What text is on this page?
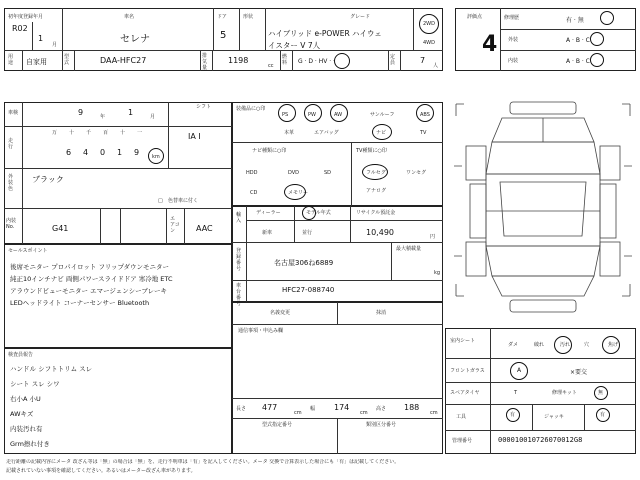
初年度登録年月
R02
1
月
車名
セレナ
ドア
5
形状	グレード
ハイブリッド e-POWER ハイウェ
イスター V 7人
2WD
4WD
用途	自家用
型式	DAA-HFC27	排気量
1198
cc
燃料	G · D · HV · ·
定員	7
人
評価点
4
修理歴	有 · 無
外装	A · B · C
内装	A · B · C
車検	9	年	1	月
シフト
IA I
万 十 千 百 十 一
走行
6 4 0 1 9	km
外装色
ブラック
色替車に付く
□
内装 No.	G41
エアコン	AAC
装備品に○印
PS	PW	AW	サンルーフ	ABS
本革	エアバッグ	ナビ	TV
ナビ種類に○印	TV種類に○印
HDD	DVD	SD
CD	メモリー
フルセグ	ワンセグ
アナログ
輸入
ディーラー
新車	並行
モデル年式	リサイクル預託金
10,490	円
登録番号
名古屋306ね6889
最大積載量
kg
車台番号
HFC27-088740
セールスポイント
後席モニター プロパイロット フリップダウンモニター
純正10インチナビ 両側パワースライドドア 寒冷地 ETC
アラウンドビューモニター エマージェンシーブレーキ
LEDヘッドライト コーナーセンサー Bluetooth
検査員報告
ハンドル シフトトリム スレ
シート スレ シワ
右小A 小U
AWキズ
内装汚れ有
Grm擦れ付き
名義変更	抹消
通信事項・申込み欄
長さ 477
cm
幅 174
cm
高さ 188
cm
型式指定番号	類別区分番号
室内シート
ダメ	破れ	汚れ	穴	焦げ
フロントガラス	A	×要交
スペアタイヤ	T	修理キット	無
工具	有	ジャッキ	有
管理番号	000010010726070012G8
走行距離の記載内容にメータ 改ざん等は「無」の場合は「無」を、走行不明車は「有」を記入してください。メータ 交換で合算表示した場合にも「有」は記載してください。
記載されていない事項を確認してください。あるいはメーター改ざん車があります。
